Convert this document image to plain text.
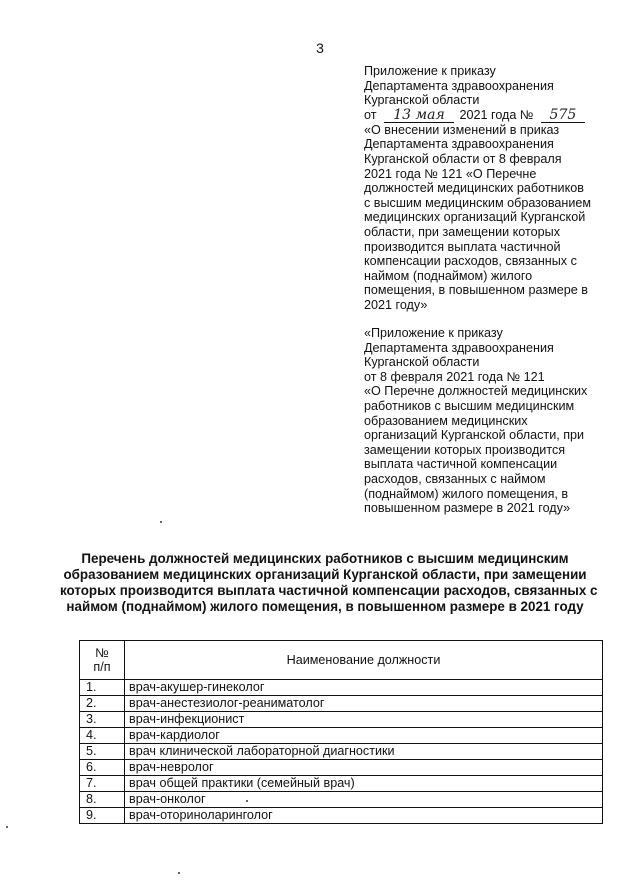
3
Приложение к приказу
Департамента здравоохранения
Курганской области
от 13 мая 2021 года № 575
«О внесении изменений в приказ
Департамента здравоохранения
Курганской области от 8 февраля
2021 года № 121 «О Перечне
должностей медицинских работников
с высшим медицинским образованием
медицинских организаций Курганской
области, при замещении которых
производится выплата частичной
компенсации расходов, связанных с
наймом (поднаймом) жилого
помещения, в повышенном размере в
2021 году»
«Приложение к приказу
Департамента здравоохранения
Курганской области
от 8 февраля 2021 года № 121
«О Перечне должностей медицинских
работников с высшим медицинским
образованием медицинских
организаций Курганской области, при
замещении которых производится
выплата частичной компенсации
расходов, связанных с наймом
(поднаймом) жилого помещения, в
повышенном размере в 2021 году»
Перечень должностей медицинских работников с высшим медицинским
образованием медицинских организаций Курганской области, при замещении
которых производится выплата частичной компенсации расходов, связанных с
наймом (поднаймом) жилого помещения, в повышенном размере в 2021 году
№
п/п	Наименование должности
1.	врач-акушер-гинеколог
2.	врач-анестезиолог-реаниматолог
3.	врач-инфекционист
4.	врач-кардиолог
5.	врач клинической лабораторной диагностики
6.	врач-невролог
7.	врач общей практики (семейный врач)
8.	врач-онколог
9.	врач-оториноларинголог
